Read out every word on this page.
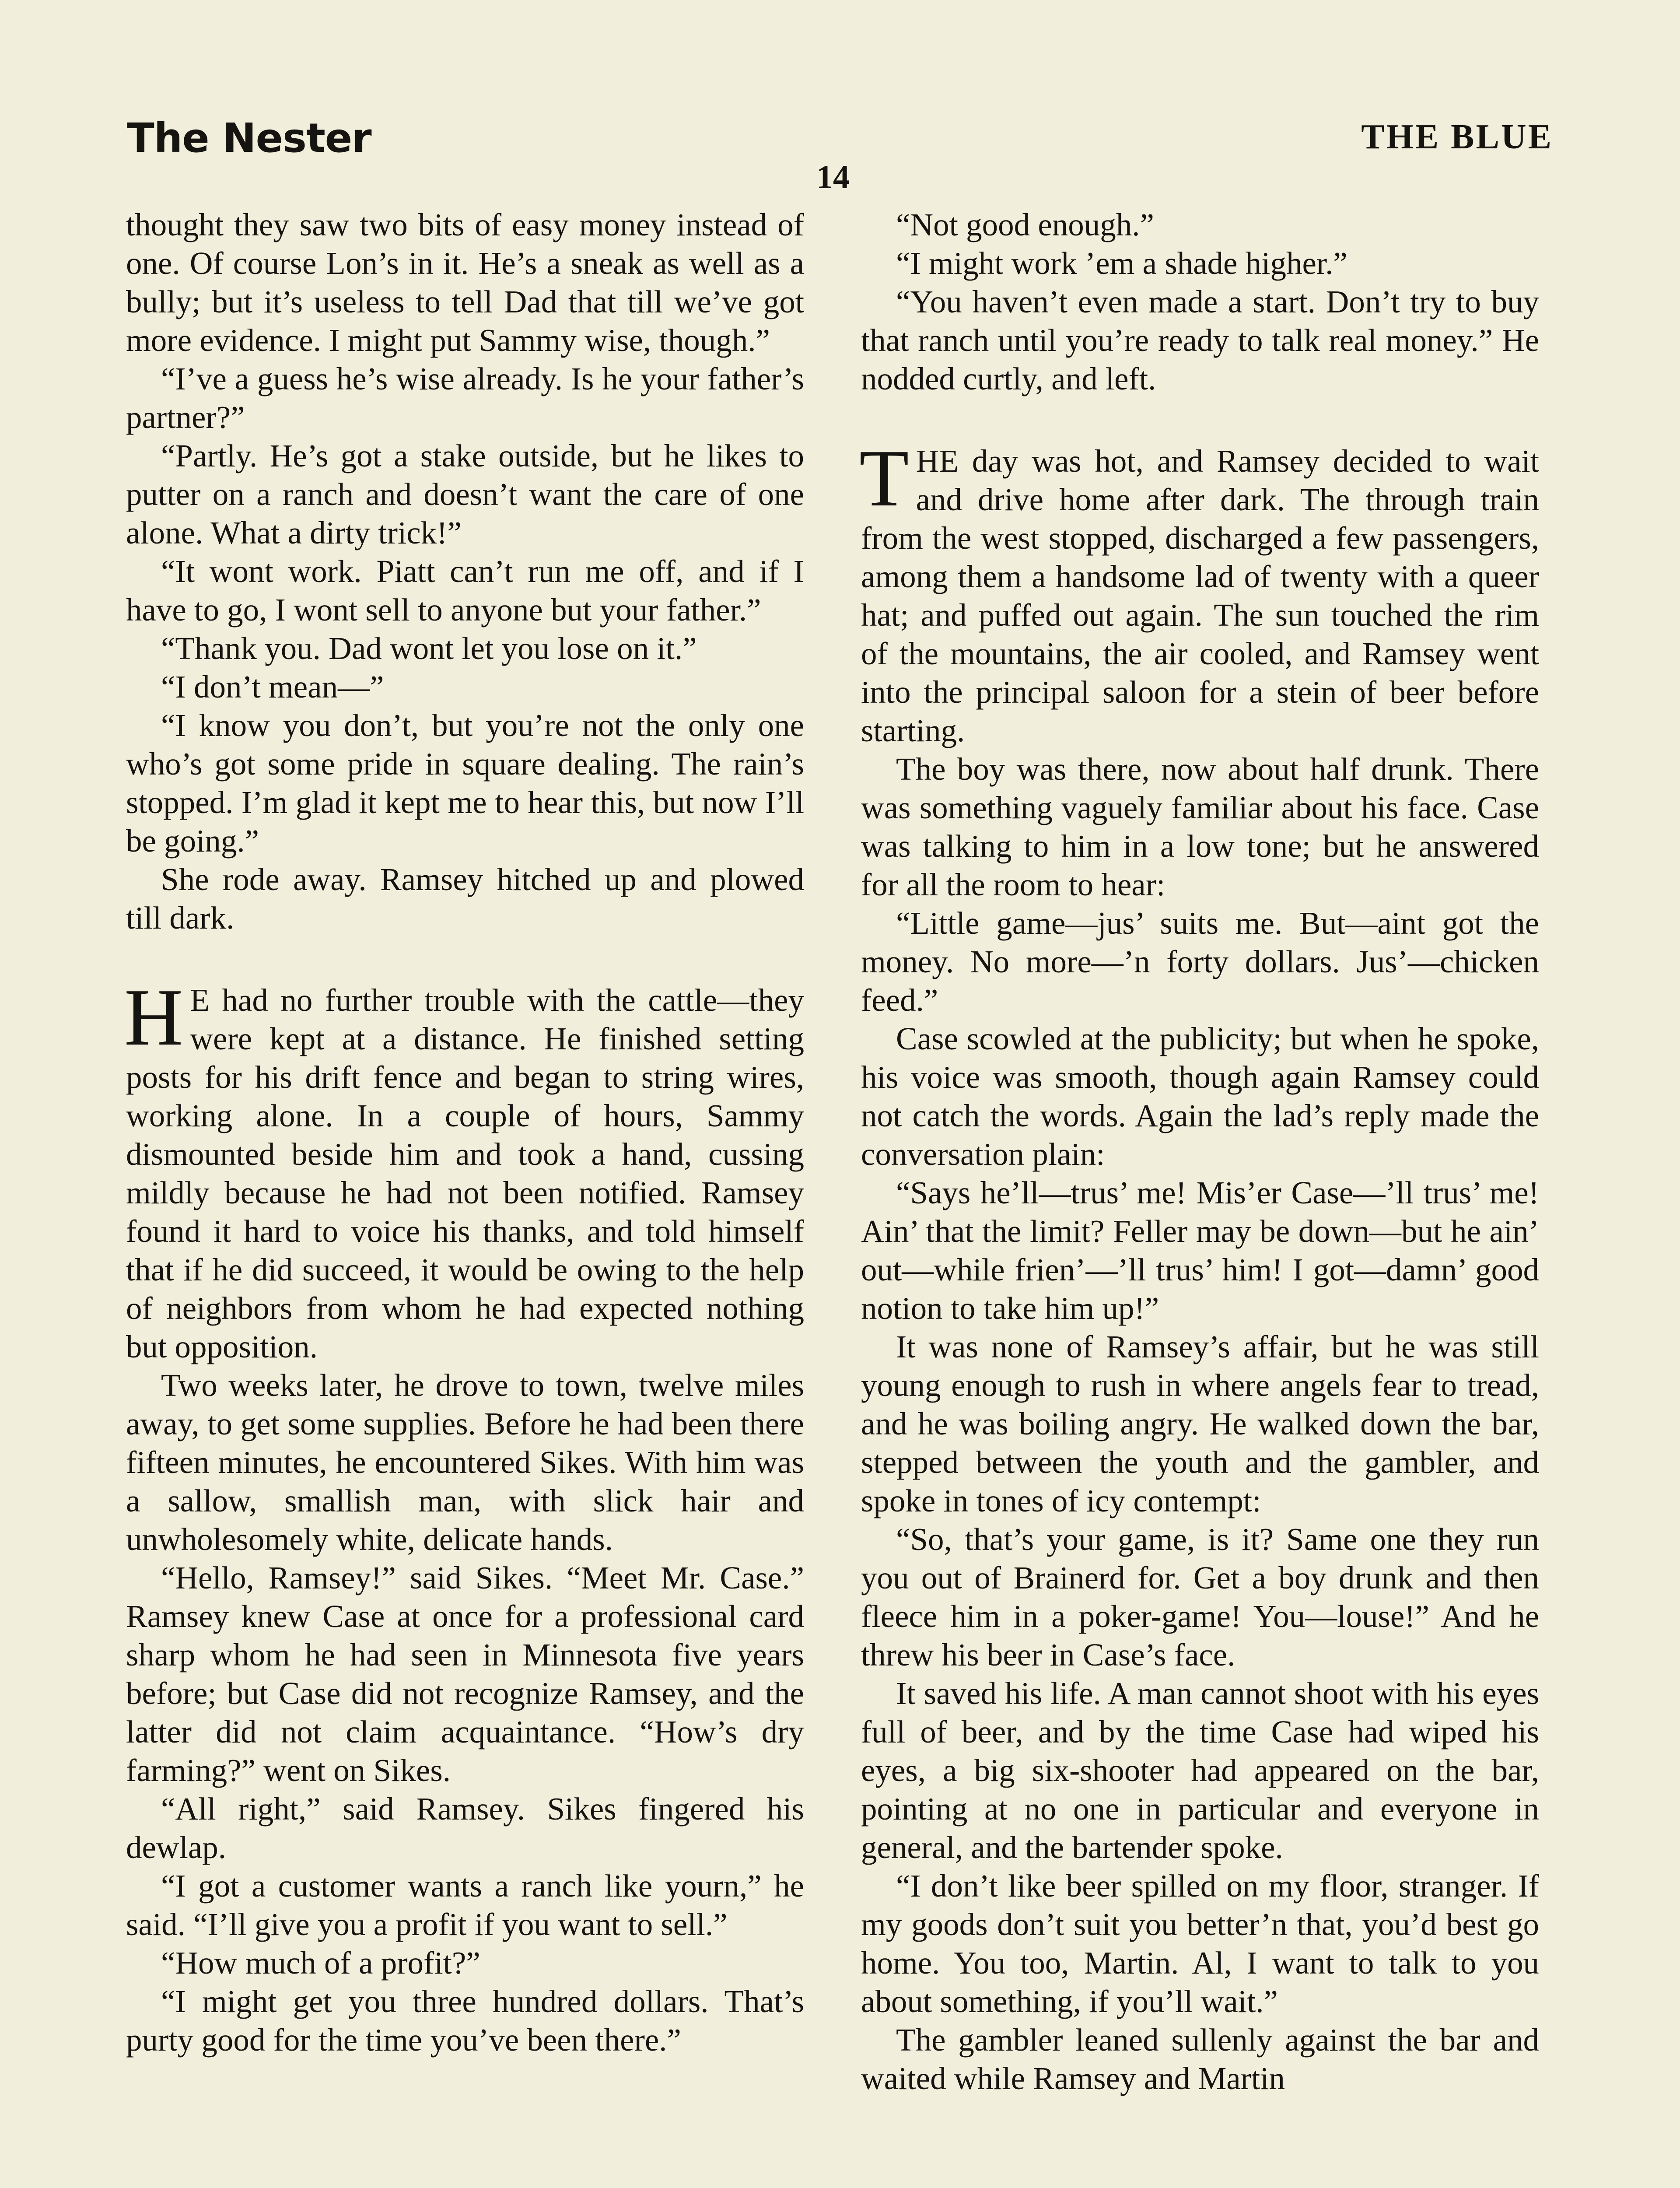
The Nester	THE BLUE
14

thought they saw two bits of easy money instead of one. Of course Lon’s in it. He’s a sneak as well as a bully; but it’s useless to tell Dad that till we’ve got more evidence. I might put Sammy wise, though.”

“I’ve a guess he’s wise already. Is he your father’s partner?”

“Partly. He’s got a stake outside, but he likes to putter on a ranch and doesn’t want the care of one alone. What a dirty trick!”

“It wont work. Piatt can’t run me off, and if I have to go, I wont sell to anyone but your father.”

“Thank you. Dad wont let you lose on it.”

“I don’t mean—”

“I know you don’t, but you’re not the only one who’s got some pride in square dealing. The rain’s stopped. I’m glad it kept me to hear this, but now I’ll be going.”

She rode away. Ramsey hitched up and plowed till dark.

H E had no further trouble with the cattle—they were kept at a distance. He finished setting posts for his drift fence and began to string wires, working alone. In a couple of hours, Sammy dismounted beside him and took a hand, cussing mildly because he had not been notified. Ramsey found it hard to voice his thanks, and told himself that if he did succeed, it would be owing to the help of neighbors from whom he had expected nothing but opposition.

Two weeks later, he drove to town, twelve miles away, to get some supplies. Before he had been there fifteen minutes, he encountered Sikes. With him was a sallow, smallish man, with slick hair and unwholesomely white, delicate hands.

“Hello, Ramsey!” said Sikes. “Meet Mr. Case.” Ramsey knew Case at once for a professional card sharp whom he had seen in Minnesota five years before; but Case did not recognize Ramsey, and the latter did not claim acquaintance. “How’s dry farming?” went on Sikes.

“All right,” said Ramsey. Sikes fingered his dewlap.

“I got a customer wants a ranch like yourn,” he said. “I’ll give you a profit if you want to sell.”

“How much of a profit?”

“I might get you three hundred dollars. That’s purty good for the time you’ve been there.”

“Not good enough.”

“I might work ’em a shade higher.”

“You haven’t even made a start. Don’t try to buy that ranch until you’re ready to talk real money.” He nodded curtly, and left.

THE day was hot, and Ramsey decided to wait and drive home after dark. The through train from the west stopped, discharged a few passengers, among them a handsome lad of twenty with a queer hat; and puffed out again. The sun touched the rim of the mountains, the air cooled, and Ramsey went into the principal saloon for a stein of beer before starting.

The boy was there, now about half drunk. There was something vaguely familiar about his face. Case was talking to him in a low tone; but he answered for all the room to hear:

“Little game—jus’ suits me. But—aint got the money. No more—’n forty dollars. Jus’—chicken feed.”

Case scowled at the publicity; but when he spoke, his voice was smooth, though again Ramsey could not catch the words. Again the lad’s reply made the conversation plain:

“Says he’ll—trus’ me! Mis’er Case—’ll trus’ me! Ain’ that the limit? Feller may be down—but he ain’ out—while frien’—’ll trus’ him! I got—damn’ good notion to take him up!”

It was none of Ramsey’s affair, but he was still young enough to rush in where angels fear to tread, and he was boiling angry. He walked down the bar, stepped between the youth and the gambler, and spoke in tones of icy contempt:

“So, that’s your game, is it? Same one they run you out of Brainerd for. Get a boy drunk and then fleece him in a poker-game! You—louse!” And he threw his beer in Case’s face.

It saved his life. A man cannot shoot with his eyes full of beer, and by the time Case had wiped his eyes, a big six-shooter had appeared on the bar, pointing at no one in particular and everyone in general, and the bartender spoke.

“I don’t like beer spilled on my floor, stranger. If my goods don’t suit you better’n that, you’d best go home. You too, Martin. Al, I want to talk to you about something, if you’ll wait.”

The gambler leaned sullenly against the bar and waited while Ramsey and Martin
